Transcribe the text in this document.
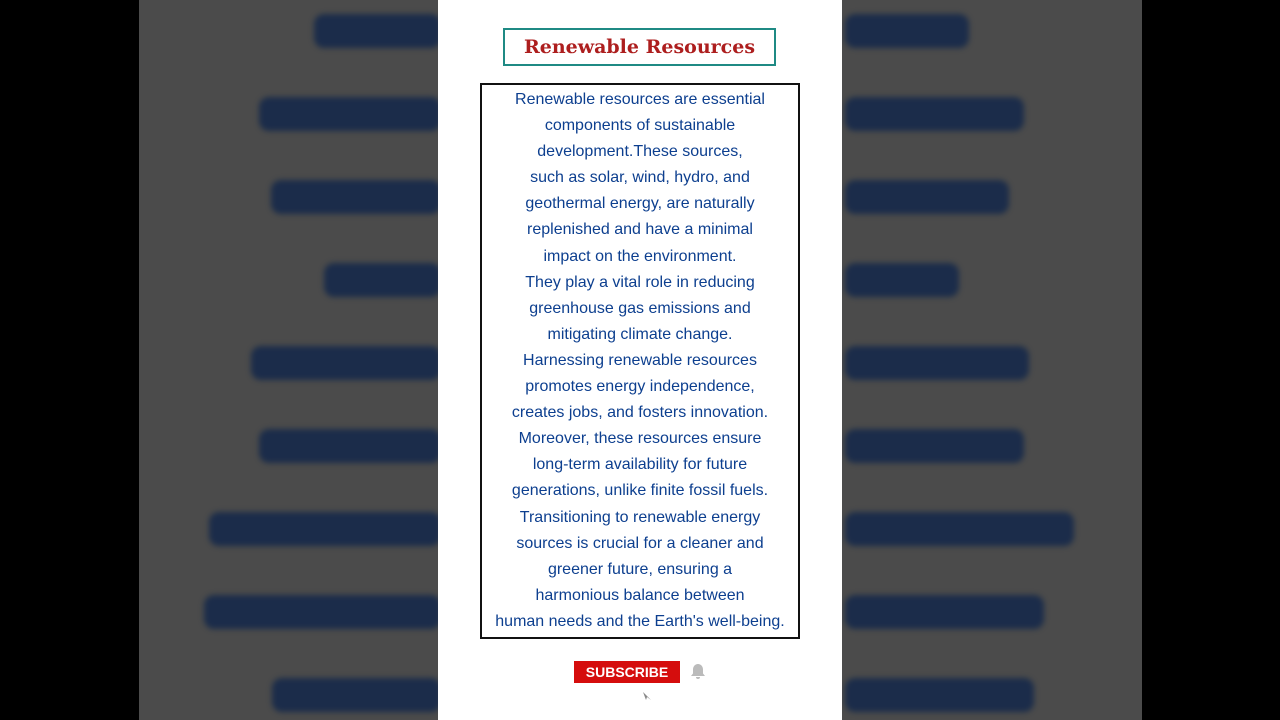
Renewable Resources
Renewable resources are essential
components of sustainable
development.These sources,
such as solar, wind, hydro, and
geothermal energy, are naturally
replenished and have a minimal
impact on the environment.
They play a vital role in reducing
greenhouse gas emissions and
mitigating climate change.
Harnessing renewable resources
promotes energy independence,
creates jobs, and fosters innovation.
Moreover, these resources ensure
long-term availability for future
generations, unlike finite fossil fuels.
Transitioning to renewable energy
sources is crucial for a cleaner and
greener future, ensuring a
harmonious balance between
human needs and the Earth's well-being.
SUBSCRIBE
